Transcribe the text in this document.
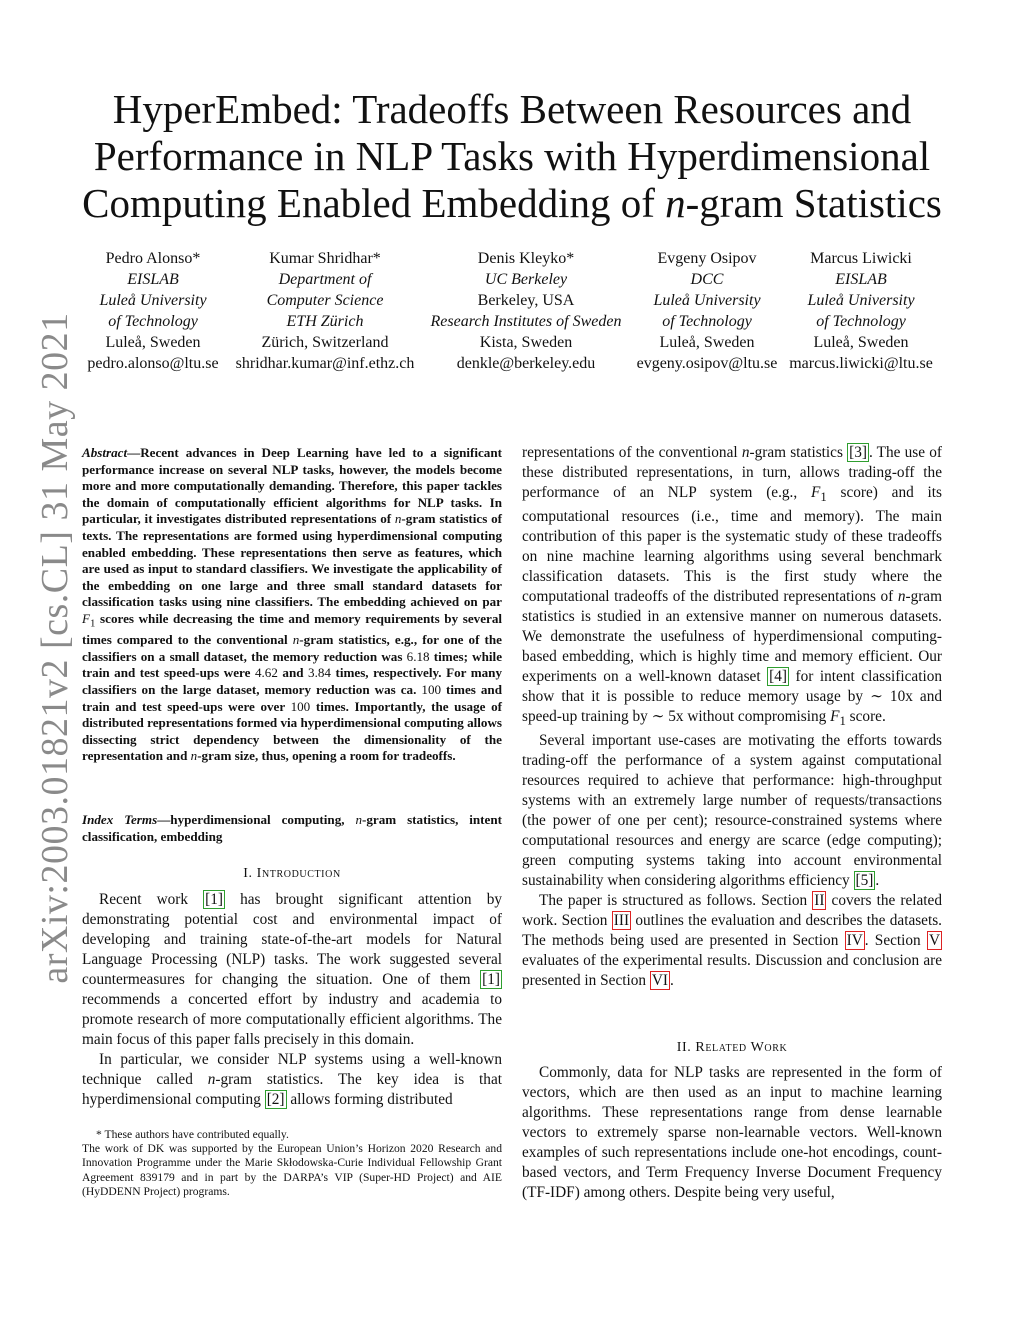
arXiv:2003.01821v2 [cs.CL] 31 May 2021
HyperEmbed: Tradeoffs Between Resources and
Performance in NLP Tasks with Hyperdimensional
Computing Enabled Embedding of n-gram Statistics
Pedro Alonso*
EISLAB
Luleå University
of Technology
Luleå, Sweden
pedro.alonso@ltu.se
Kumar Shridhar*
Department of
Computer Science
ETH Zürich
Zürich, Switzerland
shridhar.kumar@inf.ethz.ch
Denis Kleyko*
UC Berkeley
Berkeley, USA
Research Institutes of Sweden
Kista, Sweden
denkle@berkeley.edu
Evgeny Osipov
DCC
Luleå University
of Technology
Luleå, Sweden
evgeny.osipov@ltu.se
Marcus Liwicki
EISLAB
Luleå University
of Technology
Luleå, Sweden
marcus.liwicki@ltu.se
Abstract—Recent advances in Deep Learning have led to a significant performance increase on several NLP tasks, however, the models become more and more computationally demanding. Therefore, this paper tackles the domain of computationally efficient algorithms for NLP tasks. In particular, it investigates distributed representations of n-gram statistics of texts. The representations are formed using hyperdimensional computing enabled embedding. These representations then serve as features, which are used as input to standard classifiers. We investigate the applicability of the embedding on one large and three small standard datasets for classification tasks using nine classifiers. The embedding achieved on par $F_1$ scores while decreasing the time and memory requirements by several times compared to the conventional n-gram statistics, e.g., for one of the classifiers on a small dataset, the memory reduction was 6.18 times; while train and test speed-ups were 4.62 and 3.84 times, respectively. For many classifiers on the large dataset, memory reduction was ca. 100 times and train and test speed-ups were over 100 times. Importantly, the usage of distributed representations formed via hyperdimensional computing allows dissecting strict dependency between the dimensionality of the representation and n-gram size, thus, opening a room for tradeoffs.
Index Terms—hyperdimensional computing, n-gram statistics, intent classification, embedding
I. Introduction

Recent work [1] has brought significant attention by demonstrating potential cost and environmental impact of developing and training state-of-the-art models for Natural Language Processing (NLP) tasks. The work suggested several countermeasures for changing the situation. One of them [1] recommends a concerted effort by industry and academia to promote research of more computationally efficient algorithms. The main focus of this paper falls precisely in this domain.

In particular, we consider NLP systems using a well-known technique called n-gram statistics. The key idea is that hyperdimensional computing [2] allows forming distributed

* These authors have contributed equally.

The work of DK was supported by the European Union’s Horizon 2020 Research and Innovation Programme under the Marie Skłodowska-Curie Individual Fellowship Grant Agreement 839179 and in part by the DARPA’s VIP (Super-HD Project) and AIE (HyDDENN Project) programs.

representations of the conventional n-gram statistics [3] . The use of these distributed representations, in turn, allows trading-off the performance of an NLP system (e.g., $F_1$ score) and its computational resources (i.e., time and memory). The main contribution of this paper is the systematic study of these tradeoffs on nine machine learning algorithms using several benchmark classification datasets. This is the first study where the computational tradeoffs of the distributed representations of n-gram statistics is studied in an extensive manner on numerous datasets. We demonstrate the usefulness of hyperdimensional computing-based embedding, which is highly time and memory efficient. Our experiments on a well-known dataset [4] for intent classification show that it is possible to reduce memory usage by ∼ 10x and speed-up training by ∼ 5x without compromising $F_1$ score.

Several important use-cases are motivating the efforts towards trading-off the performance of a system against computational resources required to achieve that performance: high-throughput systems with an extremely large number of requests/transactions (the power of one per cent); resource-constrained systems where computational resources and energy are scarce (edge computing); green computing systems taking into account environmental sustainability when considering algorithms efficiency [5] .

The paper is structured as follows. Section II covers the related work. Section III outlines the evaluation and describes the datasets. The methods being used are presented in Section IV . Section V evaluates of the experimental results. Discussion and conclusion are presented in Section VI .

II. Related Work

Commonly, data for NLP tasks are represented in the form of vectors, which are then used as an input to machine learning algorithms. These representations range from dense learnable vectors to extremely sparse non-learnable vectors. Well-known examples of such representations include one-hot encodings, count-based vectors, and Term Frequency Inverse Document Frequency (TF-IDF) among others. Despite being very useful,
